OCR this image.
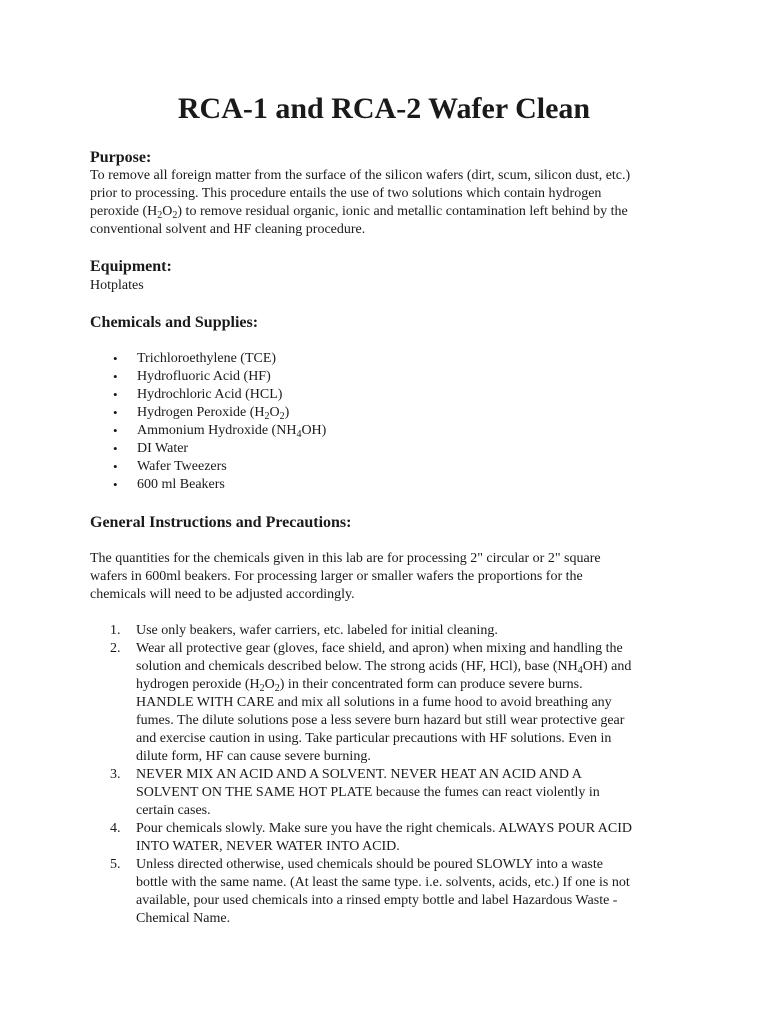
RCA-1 and RCA-2 Wafer Clean
Purpose:
To remove all foreign matter from the surface of the silicon wafers (dirt, scum, silicon dust, etc.)
prior to processing. This procedure entails the use of two solutions which contain hydrogen
peroxide $(H_2O_2)$ to remove residual organic, ionic and metallic contamination left behind by the
conventional solvent and HF cleaning procedure.
Equipment:
Hotplates
Chemicals and Supplies:
• Trichloroethylene (TCE)
• Hydrofluoric Acid (HF)
• Hydrochloric Acid (HCL)
• Hydrogen Peroxide $(H_2O_2)$
• Ammonium Hydroxide $(NH_4OH)$
• DI Water
• Wafer Tweezers
• 600 ml Beakers
General Instructions and Precautions:
The quantities for the chemicals given in this lab are for processing 2" circular or 2" square
wafers in 600ml beakers. For processing larger or smaller wafers the proportions for the
chemicals will need to be adjusted accordingly.
1. Use only beakers, wafer carriers, etc. labeled for initial cleaning.
2. Wear all protective gear (gloves, face shield, and apron) when mixing and handling the
solution and chemicals described below. The strong acids (HF, HCl), base $(NH_4OH)$ and
hydrogen peroxide $(H_2O_2)$ in their concentrated form can produce severe burns.
HANDLE WITH CARE and mix all solutions in a fume hood to avoid breathing any
fumes. The dilute solutions pose a less severe burn hazard but still wear protective gear
and exercise caution in using. Take particular precautions with HF solutions. Even in
dilute form, HF can cause severe burning.
3. NEVER MIX AN ACID AND A SOLVENT. NEVER HEAT AN ACID AND A
SOLVENT ON THE SAME HOT PLATE because the fumes can react violently in
certain cases.
4. Pour chemicals slowly. Make sure you have the right chemicals. ALWAYS POUR ACID
INTO WATER, NEVER WATER INTO ACID.
5. Unless directed otherwise, used chemicals should be poured SLOWLY into a waste
bottle with the same name. (At least the same type. i.e. solvents, acids, etc.) If one is not
available, pour used chemicals into a rinsed empty bottle and label Hazardous Waste -
Chemical Name.
